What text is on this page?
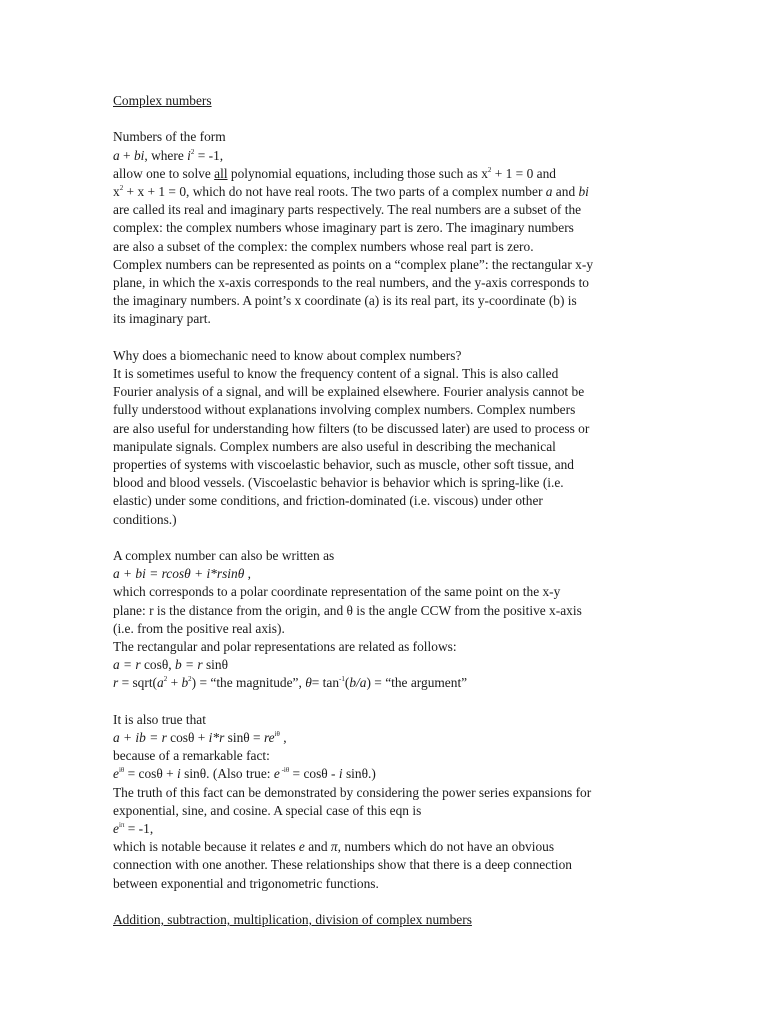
Complex numbers
Numbers of the form
a + bi, where $i^2 = -1$,
allow one to solve all polynomial equations, including those such as $x^2 + 1 = 0$ and
$x^2 + x + 1 = 0$, which do not have real roots. The two parts of a complex number a and bi
are called its real and imaginary parts respectively. The real numbers are a subset of the
complex: the complex numbers whose imaginary part is zero. The imaginary numbers
are also a subset of the complex: the complex numbers whose real part is zero.
Complex numbers can be represented as points on a “complex plane”: the rectangular x-y
plane, in which the x-axis corresponds to the real numbers, and the y-axis corresponds to
the imaginary numbers. A point’s x coordinate (a) is its real part, its y-coordinate (b) is
its imaginary part.
Why does a biomechanic need to know about complex numbers?
It is sometimes useful to know the frequency content of a signal. This is also called
Fourier analysis of a signal, and will be explained elsewhere. Fourier analysis cannot be
fully understood without explanations involving complex numbers. Complex numbers
are also useful for understanding how filters (to be discussed later) are used to process or
manipulate signals. Complex numbers are also useful in describing the mechanical
properties of systems with viscoelastic behavior, such as muscle, other soft tissue, and
blood and blood vessels. (Viscoelastic behavior is behavior which is spring-like (i.e.
elastic) under some conditions, and friction-dominated (i.e. viscous) under other
conditions.)
A complex number can also be written as
a + bi = rcosθ + i*rsinθ ,
which corresponds to a polar coordinate representation of the same point on the x-y
plane: r is the distance from the origin, and θ is the angle CCW from the positive x-axis
(i.e. from the positive real axis).
The rectangular and polar representations are related as follows:
a = r cosθ, b = r sinθ
$r = sqrt(a^2 + b^2)$ = “the magnitude”, $\theta= \tan^{-1}(b/a)$ = “the argument”
It is also true that
a + ib = r cosθ + i*r $\sin\theta = re^{i\theta}$ ,
because of a remarkable fact:
$e^{i\theta} = \cos\theta + i$ sinθ. (Also true: e $^{-i\theta}$ = cosθ - i sinθ.)
The truth of this fact can be demonstrated by considering the power series expansions for
exponential, sine, and cosine. A special case of this eqn is
$e^{i\pi} = -1$,
which is notable because it relates e and π, numbers which do not have an obvious
connection with one another. These relationships show that there is a deep connection
between exponential and trigonometric functions.
Addition, subtraction, multiplication, division of complex numbers
